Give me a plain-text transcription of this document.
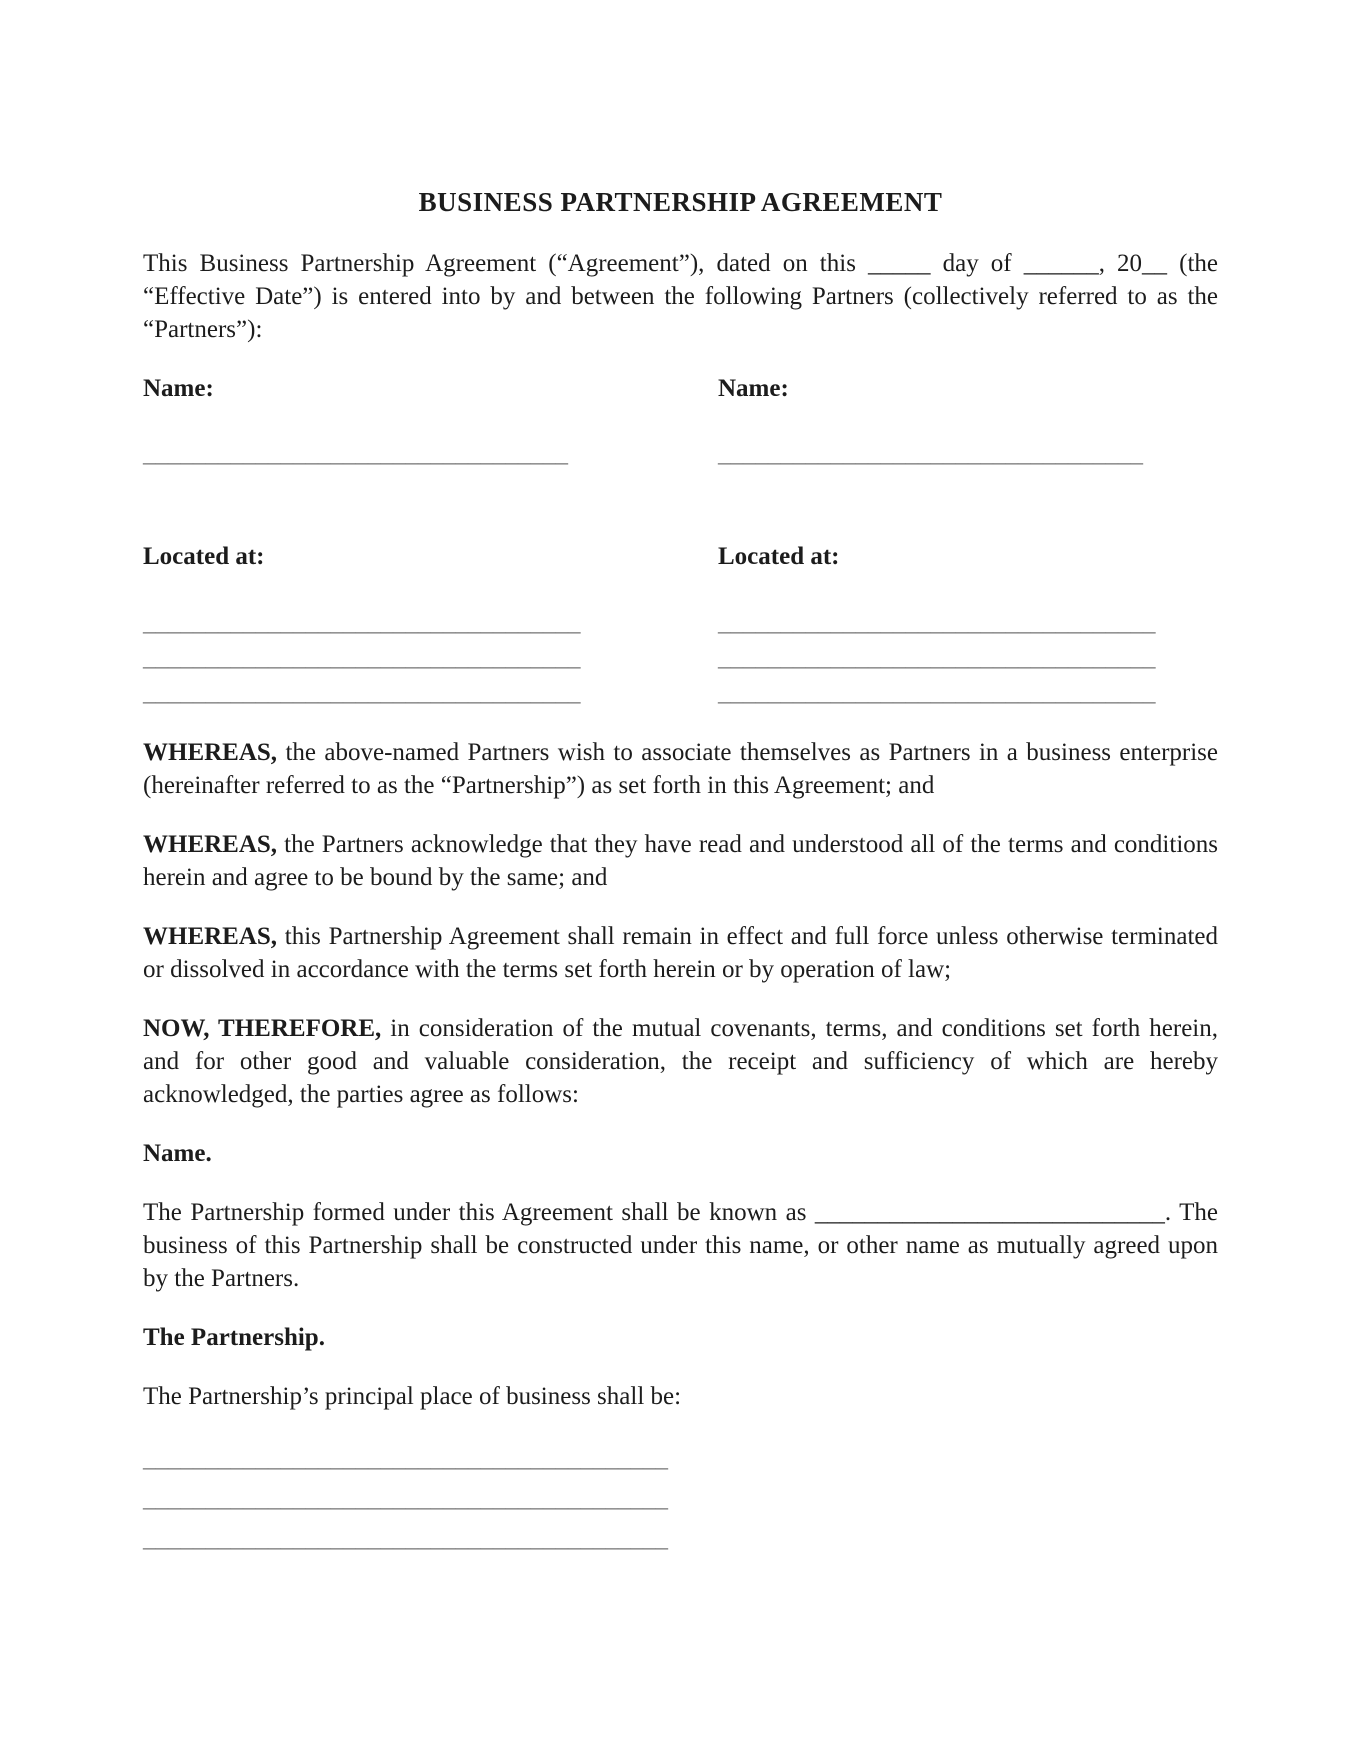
BUSINESS PARTNERSHIP AGREEMENT

This Business Partnership Agreement (“Agreement”), dated on this _____ day of ______, 20__ (the “Effective Date”) is entered into by and between the following Partners (collectively referred to as the “Partners”):

Name:	Name:
__________________________________	__________________________________
Located at:	Located at:
___________________________________
___________________________________
___________________________________
___________________________________
___________________________________
___________________________________

WHEREAS, the above-named Partners wish to associate themselves as Partners in a business enterprise (hereinafter referred to as the “Partnership”) as set forth in this Agreement; and

WHEREAS, the Partners acknowledge that they have read and understood all of the terms and conditions herein and agree to be bound by the same; and

WHEREAS, this Partnership Agreement shall remain in effect and full force unless otherwise terminated or dissolved in accordance with the terms set forth herein or by operation of law;

NOW, THEREFORE, in consideration of the mutual covenants, terms, and conditions set forth herein, and for other good and valuable consideration, the receipt and sufficiency of which are hereby acknowledged, the parties agree as follows:

Name.

The Partnership formed under this Agreement shall be known as ____________________________. The business of this Partnership shall be constructed under this name, or other name as mutually agreed upon by the Partners.

The Partnership.

The Partnership’s principal place of business shall be:

__________________________________________
__________________________________________
__________________________________________
